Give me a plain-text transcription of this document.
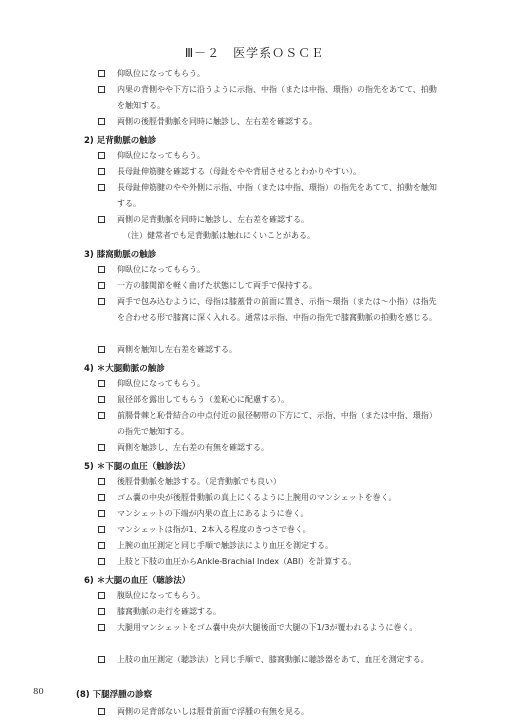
Ⅲ－２　医学系ＯＳＣＥ
仰臥位になってもらう。
内果の背側やや下方に沿うように示指、中指（または中指、環指）の指先をあてて、拍動を触知する。
両側の後脛骨動脈を同時に触診し、左右差を確認する。
2) 足背動脈の触診
仰臥位になってもらう。
長母趾伸筋腱を確認する（母趾をやや背屈させるとわかりやすい）。
長母趾伸筋腱のやや外側に示指、中指（または中指、環指）の指先をあてて、拍動を触知する。
両側の足背動脈を同時に触診し、左右差を確認する。
（注）健常者でも足背動脈は触れにくいことがある。
3) 膝窩動脈の触診
仰臥位になってもらう。
一方の膝関節を軽く曲げた状態にして両手で保持する。
両手で包み込むように、母指は膝蓋骨の前面に置き、示指～環指（または～小指）は指先を合わせる形で膝窩に深く入れる。通常は示指、中指の指先で膝窩動脈の拍動を感じる。
両側を触知し左右差を確認する。
4) ＊大腿動脈の触診
仰臥位になってもらう。
鼠径部を露出してもらう（羞恥心に配慮する）。
前腸骨棘と恥骨結合の中点付近の鼠径靭帯の下方にて、示指、中指（または中指、環指）の指先で触知する。
両側を触診し、左右差の有無を確認する。
5) ＊下腿の血圧（触診法）
後脛骨動脈を触診する。（足背動脈でも良い）
ゴム嚢の中央が後脛骨動脈の真上にくるように上腕用のマンシェットを巻く。
マンシェットの下端が内果の直上にあるように巻く。
マンシェットは指が1、2本入る程度のきつさで巻く。
上腕の血圧測定と同じ手順で触診法により血圧を測定する。
上肢と下肢の血圧からAnkle-Brachial Index（ABI）を計算する。
6) ＊大腿の血圧（聴診法）
腹臥位になってもらう。
膝窩動脈の走行を確認する。
大腿用マンシェットをゴム嚢中央が大腿後面で大腿の下1/3が覆われるように巻く。
上肢の血圧測定（聴診法）と同じ手順で、膝窩動脈に聴診器をあて、血圧を測定する。
(8) 下腿浮腫の診察
両側の足背部ないしは脛骨前面で浮腫の有無を見る。
80
